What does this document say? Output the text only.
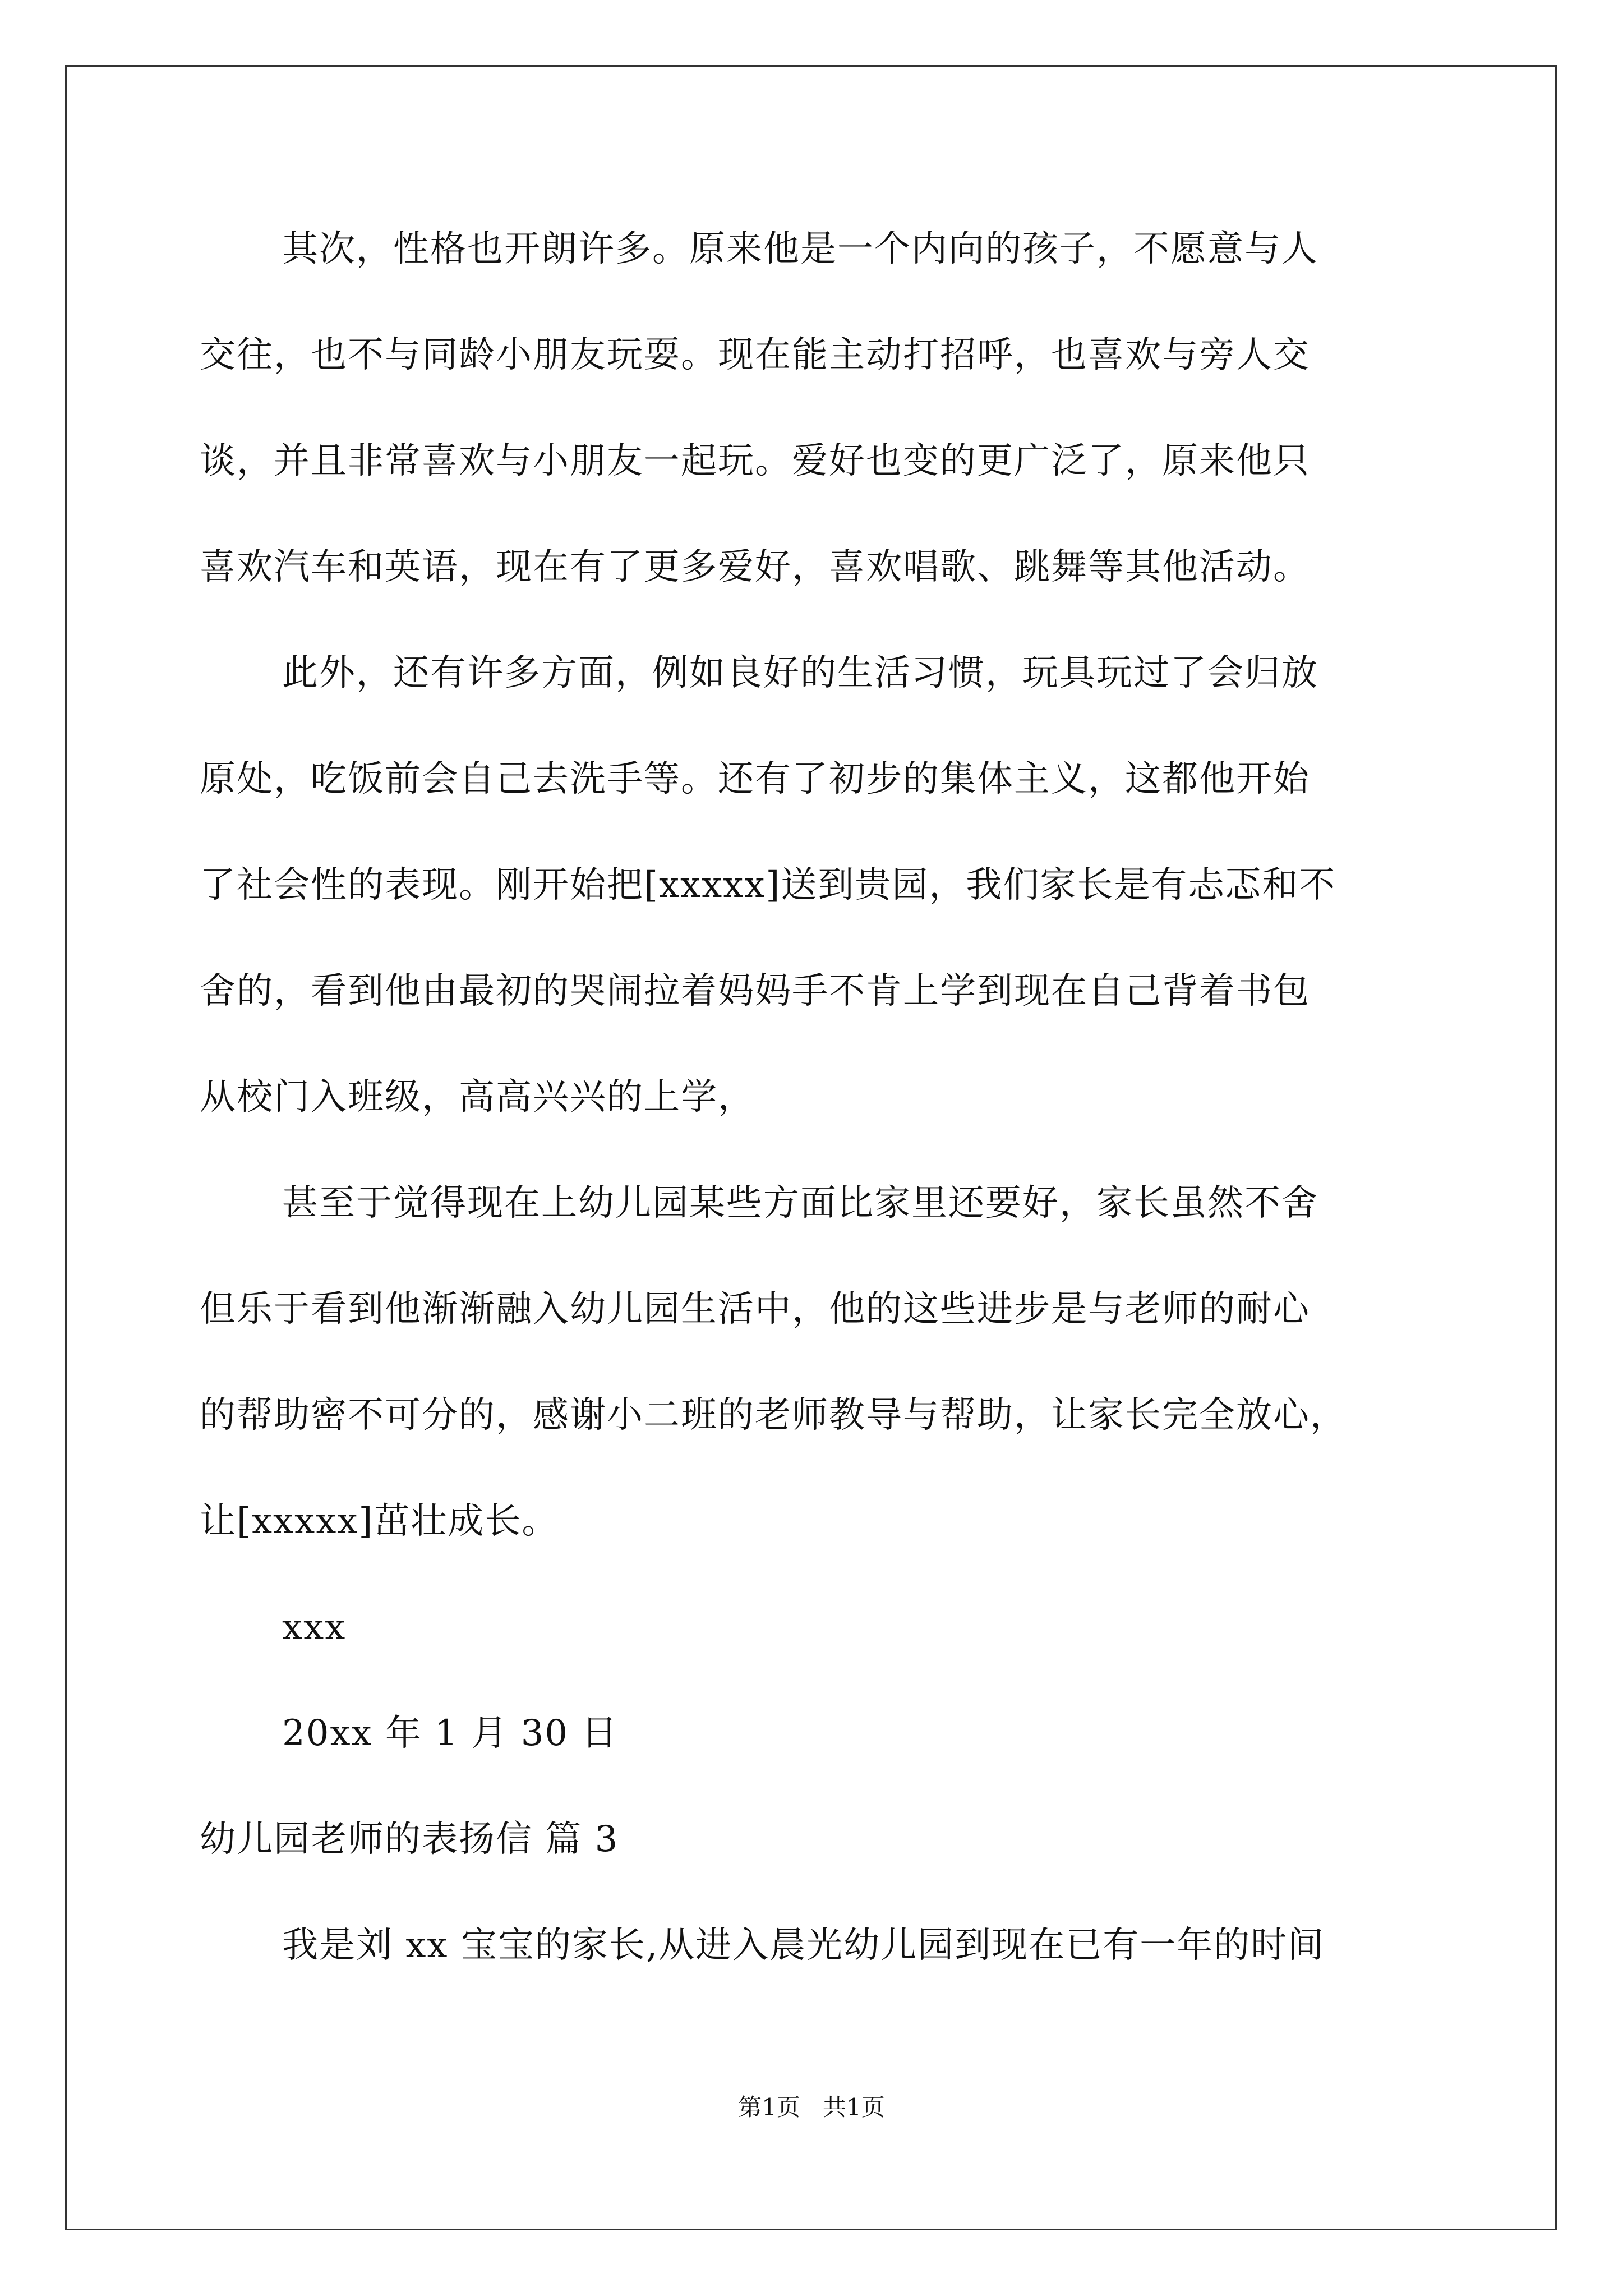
其次，性格也开朗许多。原来他是一个内向的孩子，不愿意与人
交往，也不与同龄小朋友玩耍。现在能主动打招呼，也喜欢与旁人交
谈，并且非常喜欢与小朋友一起玩。爱好也变的更广泛了，原来他只
喜欢汽车和英语，现在有了更多爱好，喜欢唱歌、跳舞等其他活动。
此外，还有许多方面，例如良好的生活习惯，玩具玩过了会归放
原处，吃饭前会自己去洗手等。还有了初步的集体主义，这都他开始
了社会性的表现。刚开始把[xxxxx]送到贵园，我们家长是有忐忑和不
舍的，看到他由最初的哭闹拉着妈妈手不肯上学到现在自己背着书包
从校门入班级，高高兴兴的上学，
甚至于觉得现在上幼儿园某些方面比家里还要好，家长虽然不舍
但乐于看到他渐渐融入幼儿园生活中，他的这些进步是与老师的耐心
的帮助密不可分的，感谢小二班的老师教导与帮助，让家长完全放心，
让[xxxxx]茁壮成长。
xxx
20xx 年 1 月 30 日
幼儿园老师的表扬信 篇 3
我是刘 xx 宝宝的家长,从进入晨光幼儿园到现在已有一年的时间
第1页   共1页
